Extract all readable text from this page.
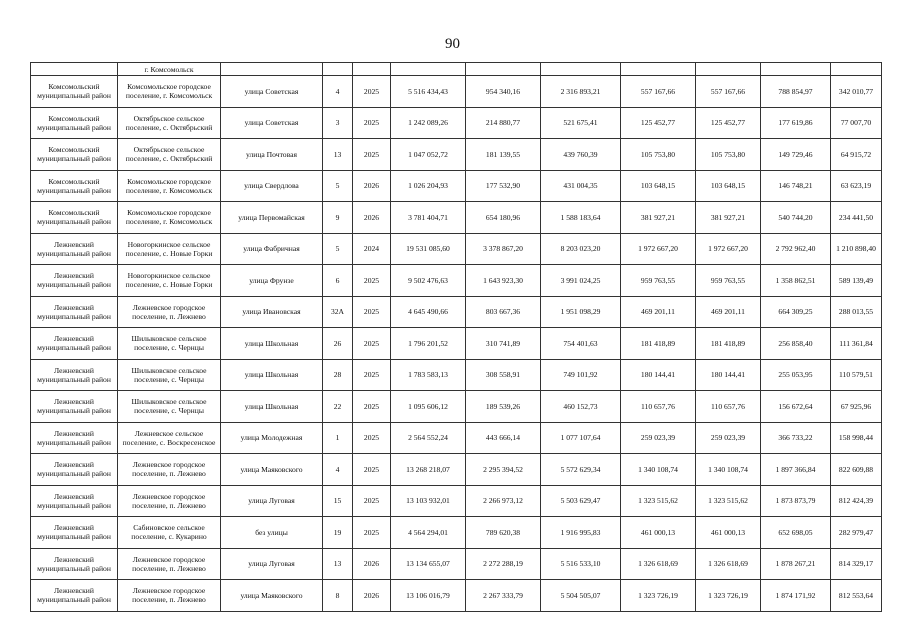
90
	г. Комсомольск										
Комсомольский муниципальный район	Комсомольское городское поселение, г. Комсомольск	улица Советская	4	2025	5 516 434,43	954 340,16	2 316 893,21	557 167,66	557 167,66	788 854,97	342 010,77
Комсомольский муниципальный район	Октябрьское сельское поселение, с. Октябрьский	улица Советская	3	2025	1 242 089,26	214 880,77	521 675,41	125 452,77	125 452,77	177 619,86	77 007,70
Комсомольский муниципальный район	Октябрьское сельское поселение, с. Октябрьский	улица Почтовая	13	2025	1 047 052,72	181 139,55	439 760,39	105 753,80	105 753,80	149 729,46	64 915,72
Комсомольский муниципальный район	Комсомольское городское поселение, г. Комсомольск	улица Свердлова	5	2026	1 026 204,93	177 532,90	431 004,35	103 648,15	103 648,15	146 748,21	63 623,19
Комсомольский муниципальный район	Комсомольское городское поселение, г. Комсомольск	улица Первомайская	9	2026	3 781 404,71	654 180,96	1 588 183,64	381 927,21	381 927,21	540 744,20	234 441,50
Лежневский муниципальный район	Новогоркинское сельское поселение, с. Новые Горки	улица Фабричная	5	2024	19 531 085,60	3 378 867,20	8 203 023,20	1 972 667,20	1 972 667,20	2 792 962,40	1 210 898,40
Лежневский муниципальный район	Новогоркинское сельское поселение, с. Новые Горки	улица Фрунзе	6	2025	9 502 476,63	1 643 923,30	3 991 024,25	959 763,55	959 763,55	1 358 862,51	589 139,49
Лежневский муниципальный район	Лежневское городское поселение, п. Лежнево	улица Ивановская	32А	2025	4 645 490,66	803 667,36	1 951 098,29	469 201,11	469 201,11	664 309,25	288 013,55
Лежневский муниципальный район	Шилыковское сельское поселение, с. Чернцы	улица Школьная	26	2025	1 796 201,52	310 741,89	754 401,63	181 418,89	181 418,89	256 858,40	111 361,84
Лежневский муниципальный район	Шилыковское сельское поселение, с. Чернцы	улица Школьная	28	2025	1 783 583,13	308 558,91	749 101,92	180 144,41	180 144,41	255 053,95	110 579,51
Лежневский муниципальный район	Шилыковское сельское поселение, с. Чернцы	улица Школьная	22	2025	1 095 606,12	189 539,26	460 152,73	110 657,76	110 657,76	156 672,64	67 925,96
Лежневский муниципальный район	Лежневское сельское поселение, с. Воскресенское	улица Молодежная	1	2025	2 564 552,24	443 666,14	1 077 107,64	259 023,39	259 023,39	366 733,22	158 998,44
Лежневский муниципальный район	Лежневское городское поселение, п. Лежнево	улица Маяковского	4	2025	13 268 218,07	2 295 394,52	5 572 629,34	1 340 108,74	1 340 108,74	1 897 366,84	822 609,88
Лежневский муниципальный район	Лежневское городское поселение, п. Лежнево	улица Луговая	15	2025	13 103 932,01	2 266 973,12	5 503 629,47	1 323 515,62	1 323 515,62	1 873 873,79	812 424,39
Лежневский муниципальный район	Сабиновское сельское поселение, с. Кукарино	без улицы	19	2025	4 564 294,01	789 620,38	1 916 995,83	461 000,13	461 000,13	652 698,05	282 979,47
Лежневский муниципальный район	Лежневское городское поселение, п. Лежнево	улица Луговая	13	2026	13 134 655,07	2 272 288,19	5 516 533,10	1 326 618,69	1 326 618,69	1 878 267,21	814 329,17
Лежневский муниципальный район	Лежневское городское поселение, п. Лежнево	улица Маяковского	8	2026	13 106 016,79	2 267 333,79	5 504 505,07	1 323 726,19	1 323 726,19	1 874 171,92	812 553,64
